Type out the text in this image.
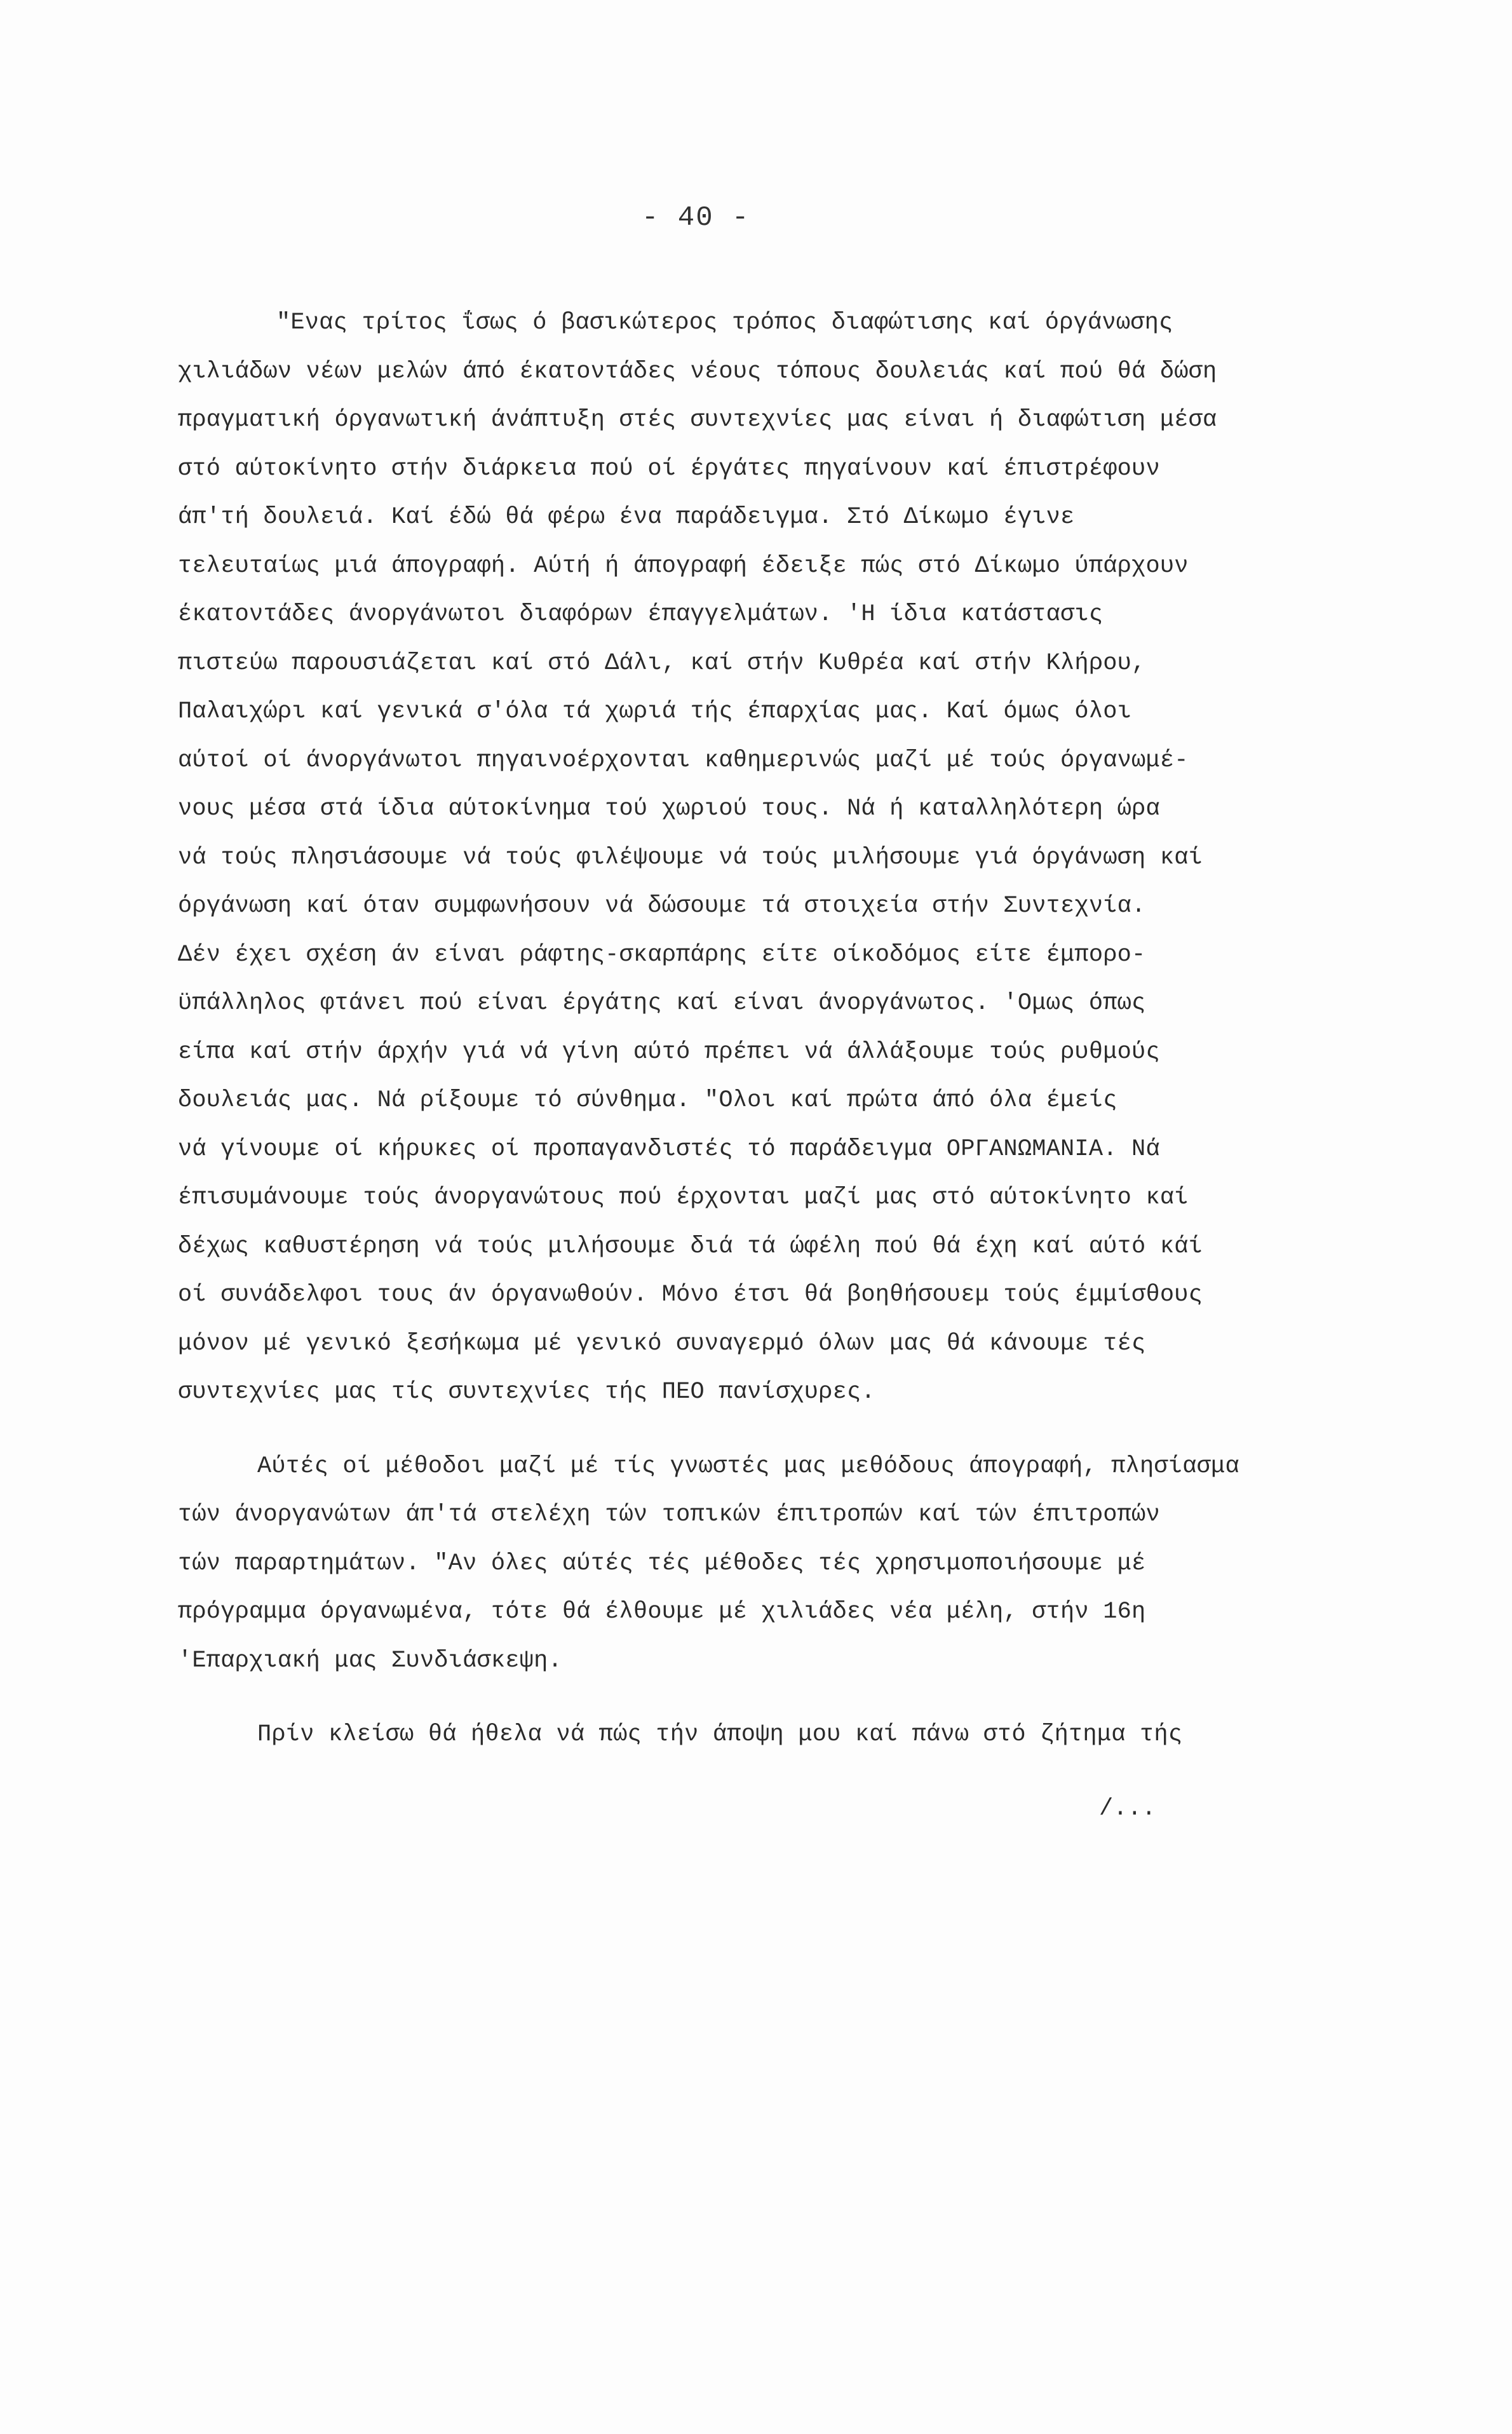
- 40 -
"Ενας τρίτος ΐσως ό βασικώτερος τρόπος διαφώτισης καί όργάνωσης
χιλιάδων νέων μελών άπό έκατοντάδες νέους τόπους δουλειάς καί πού θά δώση
πραγματική όργανωτική άνάπτυξη στές συντεχνίες μας είναι ή διαφώτιση μέσα
στό αύτοκίνητο στήν διάρκεια πού οί έργάτες πηγαίνουν καί έπιστρέφουν
άπ'τή δουλειά. Καί έδώ θά φέρω ένα παράδειγμα. Στό Δίκωμο έγινε
τελευταίως μιά άπογραφή. Αύτή ή άπογραφή έδειξε πώς στό Δίκωμο ύπάρχουν
έκατοντάδες άνοργάνωτοι διαφόρων έπαγγελμάτων. 'Η ίδια κατάστασις
πιστεύω παρουσιάζεται καί στό Δάλι, καί στήν Κυθρέα καί στήν Κλήρου,
Παλαιχώρι καί γενικά σ'όλα τά χωριά τής έπαρχίας μας. Καί όμως όλοι
αύτοί οί άνοργάνωτοι πηγαινοέρχονται καθημερινώς μαζί μέ τούς όργανωμέ-
νους μέσα στά ίδια αύτοκίνημα τού χωριού τους. Νά ή καταλληλότερη ώρα
νά τούς πλησιάσουμε νά τούς φιλέψουμε νά τούς μιλήσουμε γιά όργάνωση καί
όργάνωση καί όταν συμφωνήσουν νά δώσουμε τά στοιχεία στήν Συντεχνία.
Δέν έχει σχέση άν είναι ράφτης-σκαρπάρης είτε οίκοδόμος είτε έμπορο-
ϋπάλληλος φτάνει πού είναι έργάτης καί είναι άνοργάνωτος. 'Ομως όπως
είπα καί στήν άρχήν γιά νά γίνη αύτό πρέπει νά άλλάξουμε τούς ρυθμούς
δουλειάς μας. Νά ρίξουμε τό σύνθημα. "Ολοι καί πρώτα άπό όλα έμείς
νά γίνουμε οί κήρυκες οί προπαγανδιστές τό παράδειγμα ΟΡΓΑΝΩΜΑΝΙΑ. Νά
έπισυμάνουμε τούς άνοργανώτους πού έρχονται μαζί μας στό αύτοκίνητο καί
δέχως καθυστέρηση νά τούς μιλήσουμε διά τά ώφέλη πού θά έχη καί αύτό κάί
οί συνάδελφοι τους άν όργανωθούν. Μόνο έτσι θά βοηθήσουεμ τούς έμμίσθους
μόνον μέ γενικό ξεσήκωμα μέ γενικό συναγερμό όλων μας θά κάνουμε τές
συντεχνίες μας τίς συντεχνίες τής ΠΕΟ πανίσχυρες.
Αύτές οί μέθοδοι μαζί μέ τίς γνωστές μας μεθόδους άπογραφή, πλησίασμα
τών άνοργανώτων άπ'τά στελέχη τών τοπικών έπιτροπών καί τών έπιτροπών
τών παραρτημάτων. "Αν όλες αύτές τές μέθοδες τές χρησιμοποιήσουμε μέ
πρόγραμμα όργανωμένα, τότε θά έλθουμε μέ χιλιάδες νέα μέλη, στήν 16η
'Επαρχιακή μας Συνδιάσκεψη.
Πρίν κλείσω θά ήθελα νά πώς τήν άποψη μου καί πάνω στό ζήτημα τής
/...
